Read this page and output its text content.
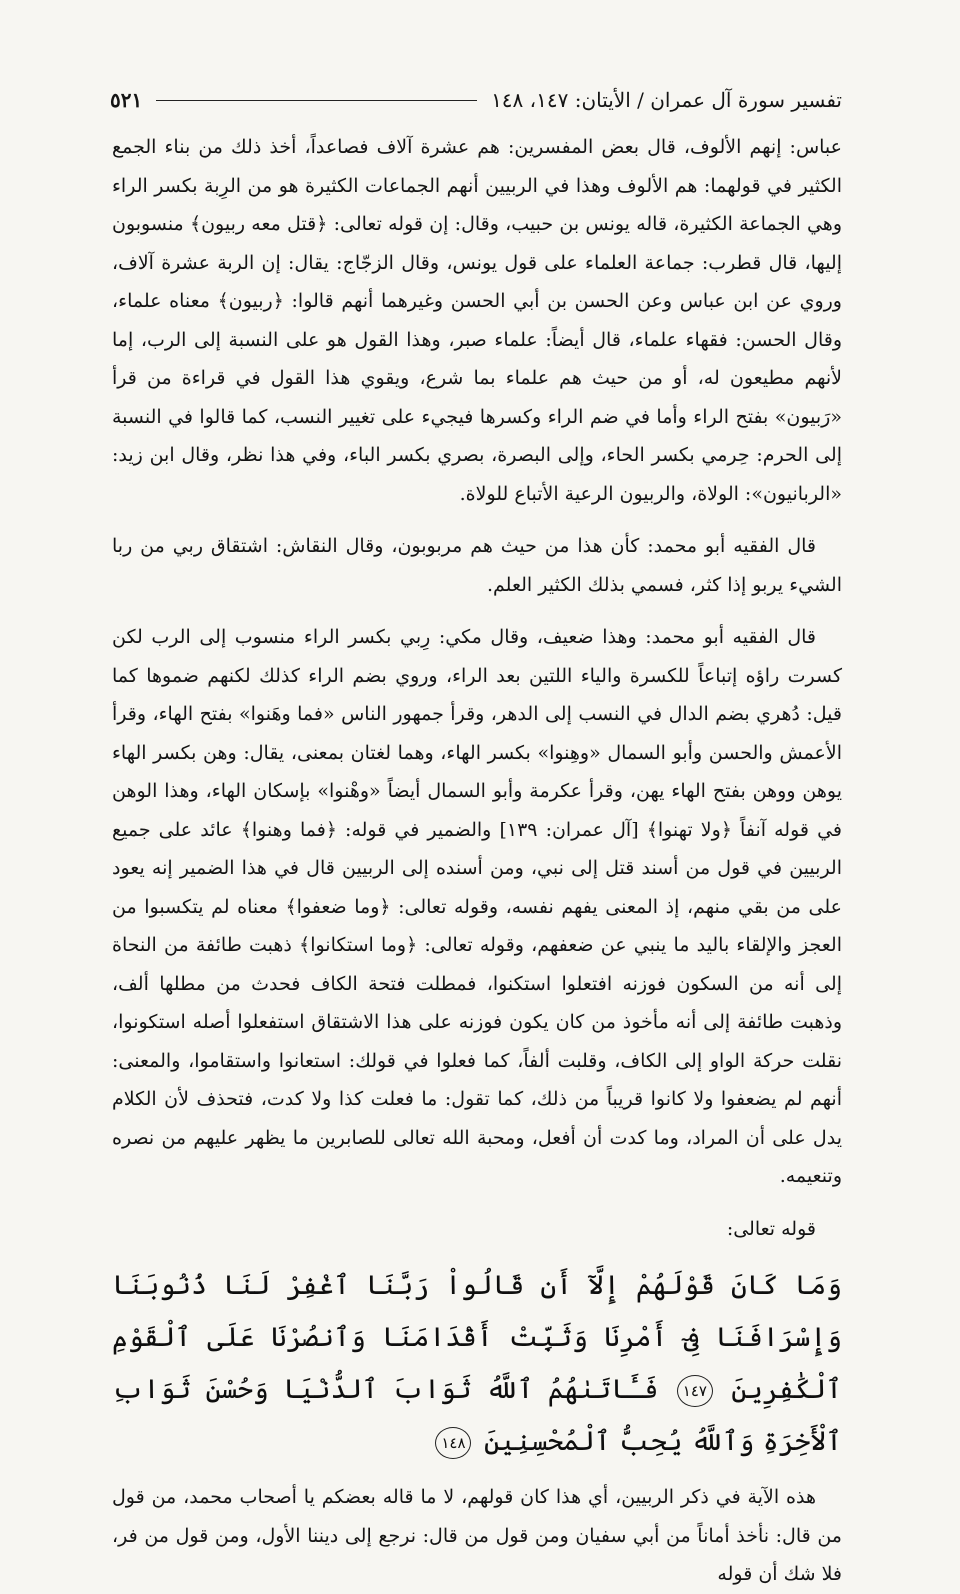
تفسير سورة آل عمران / الأيتان: ١٤٧، ١٤٨
٥٢١

عباس: إنهم الألوف، قال بعض المفسرين: هم عشرة آلاف فصاعداً، أخذ ذلك من بناء الجمع الكثير في قولهما: هم الألوف وهذا في الربيين أنهم الجماعات الكثيرة هو من الرِبة بكسر الراء وهي الجماعة الكثيرة، قاله يونس بن حبيب، وقال: إن قوله تعالى: ﴿قتل معه ربيون﴾ منسوبون إليها، قال قطرب: جماعة العلماء على قول يونس، وقال الزجّاج: يقال: إن الربة عشرة آلاف، وروي عن ابن عباس وعن الحسن بن أبي الحسن وغيرهما أنهم قالوا: ﴿ربيون﴾ معناه علماء، وقال الحسن: فقهاء علماء، قال أيضاً: علماء صبر، وهذا القول هو على النسبة إلى الرب، إما لأنهم مطيعون له، أو من حيث هم علماء بما شرع، ويقوي هذا القول في قراءة من قرأ «رَبيون» بفتح الراء وأما في ضم الراء وكسرها فيجيء على تغيير النسب، كما قالوا في النسبة إلى الحرم: حِرمي بكسر الحاء، وإلى البصرة، بصري بكسر الباء، وفي هذا نظر، وقال ابن زيد: «الربانيون»: الولاة، والربيون الرعية الأتباع للولاة.

قال الفقيه أبو محمد: كأن هذا من حيث هم مربوبون، وقال النقاش: اشتقاق ربي من ربا الشيء يربو إذا كثر، فسمي بذلك الكثير العلم.

قال الفقيه أبو محمد: وهذا ضعيف، وقال مكي: رِبي بكسر الراء منسوب إلى الرب لكن كسرت راؤه إتباعاً للكسرة والياء اللتين بعد الراء، وروي بضم الراء كذلك لكنهم ضموها كما قيل: دُهري بضم الدال في النسب إلى الدهر، وقرأ جمهور الناس «فما وهَنوا» بفتح الهاء، وقرأ الأعمش والحسن وأبو السمال «وهِنوا» بكسر الهاء، وهما لغتان بمعنى، يقال: وهن بكسر الهاء يوهن ووهن بفتح الهاء يهن، وقرأ عكرمة وأبو السمال أيضاً «وهْنوا» بإسكان الهاء، وهذا الوهن في قوله آنفاً ﴿ولا تهنوا﴾ [آل عمران: ١٣٩] والضمير في قوله: ﴿فما وهنوا﴾ عائد على جميع الربيين في قول من أسند قتل إلى نبي، ومن أسنده إلى الربيين قال في هذا الضمير إنه يعود على من بقي منهم، إذ المعنى يفهم نفسه، وقوله تعالى: ﴿وما ضعفوا﴾ معناه لم يتكسبوا من العجز والإلقاء باليد ما ينبي عن ضعفهم، وقوله تعالى: ﴿وما استكانوا﴾ ذهبت طائفة من النحاة إلى أنه من السكون فوزنه افتعلوا استكنوا، فمطلت فتحة الكاف فحدث من مطلها ألف، وذهبت طائفة إلى أنه مأخوذ من كان يكون فوزنه على هذا الاشتقاق استفعلوا أصله استكونوا، نقلت حركة الواو إلى الكاف، وقلبت ألفاً، كما فعلوا في قولك: استعانوا واستقاموا، والمعنى: أنهم لم يضعفوا ولا كانوا قريباً من ذلك، كما تقول: ما فعلت كذا ولا كدت، فتحذف لأن الكلام يدل على أن المراد، وما كدت أن أفعل، ومحبة الله تعالى للصابرين ما يظهر عليهم من نصره وتنعيمه.

قوله تعالى:

وَمَا كَانَ قَوْلَهُمْ إِلَّآ أَن قَالُواْ رَبَّنَا ٱغْفِرْ لَنَا ذُنُوبَنَا وَإِسْرَافَنَا فِىٓ أَمْرِنَا وَثَبِّتْ أَقْدَامَنَا وَٱنصُرْنَا عَلَى ٱلْقَوْمِ ٱلْكَٰفِرِينَ ١٤٧ فَـَٔاتَىٰهُمُ ٱللَّهُ ثَوَابَ ٱلدُّنْيَا وَحُسْنَ ثَوَابِ ٱلْأَخِرَةِ وَٱللَّهُ يُحِبُّ ٱلْمُحْسِنِينَ ١٤٨

هذه الآية في ذكر الربيين، أي هذا كان قولهم، لا ما قاله بعضكم يا أصحاب محمد، من قول من قال: نأخذ أماناً من أبي سفيان ومن قول من قال: نرجع إلى ديننا الأول، ومن قول من فر، فلا شك أن قوله
